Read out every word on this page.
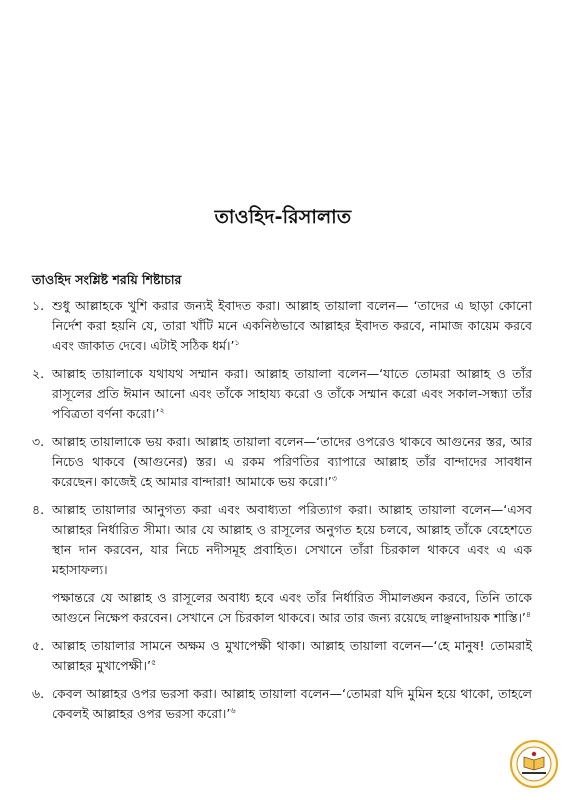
তাওহিদ-রিসালাত
তাওহিদ সংশ্লিষ্ট শরয়ি শিষ্টাচার
১. শুধু আল্লাহকে খুশি করার জন্যই ইবাদত করা। আল্লাহ তায়ালা বলেন— ‘তাদের এ ছাড়া কোনো নির্দেশ করা হয়নি যে, তারা খাঁটি মনে একনিষ্ঠভাবে আল্লাহর ইবাদত করবে, নামাজ কায়েম করবে এবং জাকাত দেবে। এটাই সঠিক ধর্ম।’$^১$

২. আল্লাহ তায়ালাকে যথাযথ সম্মান করা। আল্লাহ তায়ালা বলেন—‘যাতে তোমরা আল্লাহ ও তাঁর রাসূলের প্রতি ঈমান আনো এবং তাঁকে সাহায্য করো ও তাঁকে সম্মান করো এবং সকাল-সন্ধ্যা তাঁর পবিত্রতা বর্ণনা করো।’$^২$

৩. আল্লাহ তায়ালাকে ভয় করা। আল্লাহ তায়ালা বলেন—‘তাদের ওপরেও থাকবে আগুনের স্তর, আর নিচেও থাকবে (আগুনের) স্তর। এ রকম পরিণতির ব্যাপারে আল্লাহ তাঁর বান্দাদের সাবধান করেছেন। কাজেই হে আমার বান্দারা! আমাকে ভয় করো।’$^৩$

৪. আল্লাহ তায়ালার আনুগত্য করা এবং অবাধ্যতা পরিত্যাগ করা। আল্লাহ তায়ালা বলেন—‘এসব আল্লাহর নির্ধারিত সীমা। আর যে আল্লাহ ও রাসূলের অনুগত হয়ে চলবে, আল্লাহ তাঁকে বেহেশতে স্থান দান করবেন, যার নিচে নদীসমূহ প্রবাহিত। সেখানে তাঁরা চিরকাল থাকবে এবং এ এক মহাসাফল্য।

পক্ষান্তরে যে আল্লাহ ও রাসূলের অবাধ্য হবে এবং তাঁর নির্ধারিত সীমালঙ্ঘন করবে, তিনি তাকে আগুনে নিক্ষেপ করবেন। সেখানে সে চিরকাল থাকবে। আর তার জন্য রয়েছে লাঞ্ছনাদায়ক শাস্তি।’$^৪$

৫. আল্লাহ তায়ালার সামনে অক্ষম ও মুখাপেক্ষী থাকা। আল্লাহ তায়ালা বলেন—‘হে মানুষ! তোমরাই আল্লাহর মুখাপেক্ষী।’$^৫$

৬. কেবল আল্লাহর ওপর ভরসা করা। আল্লাহ তায়ালা বলেন—‘তোমরা যদি মুমিন হয়ে থাকো, তাহলে কেবলই আল্লাহর ওপর ভরসা করো।’$^৬$
